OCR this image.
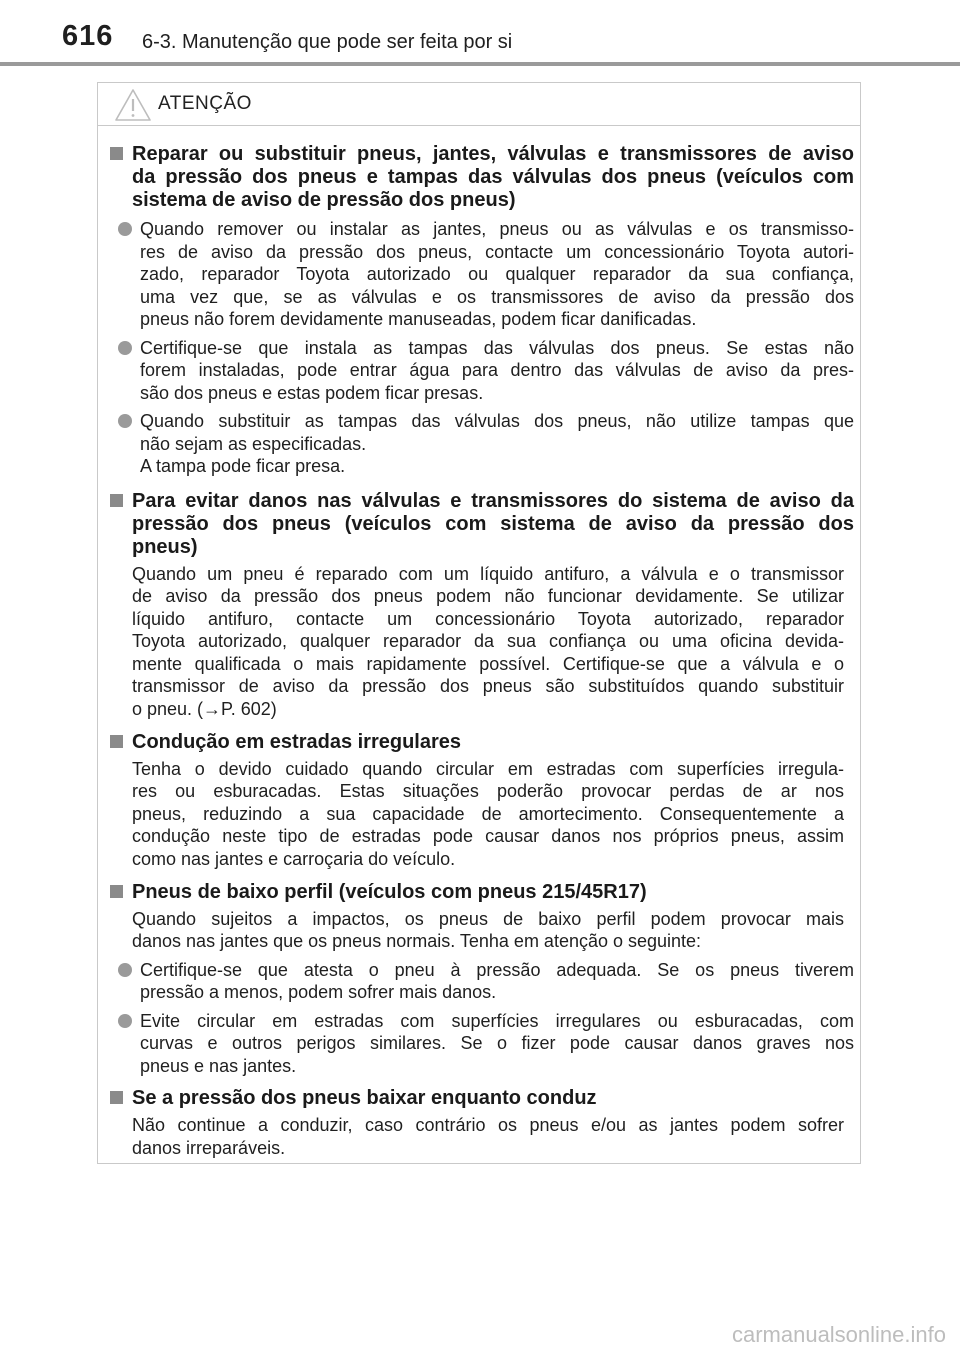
616 6-3. Manutenção que pode ser feita por si
ATENÇÃO
Reparar ou substituir pneus, jantes, válvulas e transmissores de aviso
da pressão dos pneus e tampas das válvulas dos pneus (veículos com
sistema de aviso de pressão dos pneus)
Quando remover ou instalar as jantes, pneus ou as válvulas e os transmisso-
res de aviso da pressão dos pneus, contacte um concessionário Toyota autori-
zado, reparador Toyota autorizado ou qualquer reparador da sua confiança,
uma vez que, se as válvulas e os transmissores de aviso da pressão dos
pneus não forem devidamente manuseadas, podem ficar danificadas.
Certifique-se que instala as tampas das válvulas dos pneus. Se estas não
forem instaladas, pode entrar água para dentro das válvulas de aviso da pres-
são dos pneus e estas podem ficar presas.
Quando substituir as tampas das válvulas dos pneus, não utilize tampas que
não sejam as especificadas.
A tampa pode ficar presa.
Para evitar danos nas válvulas e transmissores do sistema de aviso da
pressão dos pneus (veículos com sistema de aviso da pressão dos
pneus)
Quando um pneu é reparado com um líquido antifuro, a válvula e o transmissor
de aviso da pressão dos pneus podem não funcionar devidamente. Se utilizar
líquido antifuro, contacte um concessionário Toyota autorizado, reparador
Toyota autorizado, qualquer reparador da sua confiança ou uma oficina devida-
mente qualificada o mais rapidamente possível. Certifique-se que a válvula e o
transmissor de aviso da pressão dos pneus são substituídos quando substituir
o pneu. (→P. 602)
Condução em estradas irregulares
Tenha o devido cuidado quando circular em estradas com superfícies irregula-
res ou esburacadas. Estas situações poderão provocar perdas de ar nos
pneus, reduzindo a sua capacidade de amortecimento. Consequentemente a
condução neste tipo de estradas pode causar danos nos próprios pneus, assim
como nas jantes e carroçaria do veículo.
Pneus de baixo perfil (veículos com pneus 215/45R17)
Quando sujeitos a impactos, os pneus de baixo perfil podem provocar mais
danos nas jantes que os pneus normais. Tenha em atenção o seguinte:
Certifique-se que atesta o pneu à pressão adequada. Se os pneus tiverem
pressão a menos, podem sofrer mais danos.
Evite circular em estradas com superfícies irregulares ou esburacadas, com
curvas e outros perigos similares. Se o fizer pode causar danos graves nos
pneus e nas jantes.
Se a pressão dos pneus baixar enquanto conduz
Não continue a conduzir, caso contrário os pneus e/ou as jantes podem sofrer
danos irreparáveis.
carmanualsonline.info
